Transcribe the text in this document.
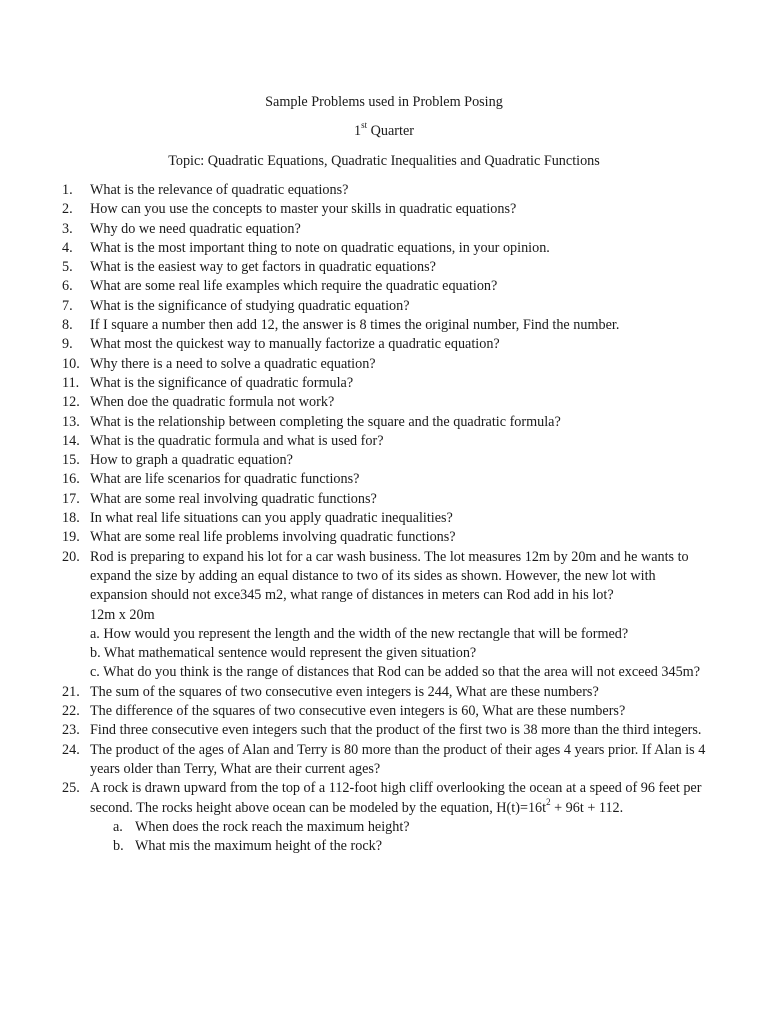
Sample Problems used in Problem Posing
1st Quarter
Topic: Quadratic Equations, Quadratic Inequalities and Quadratic Functions
1.	What is the relevance of quadratic equations?
2.	How can you use the concepts to master your skills in quadratic equations?
3.	Why do we need quadratic equation?
4.	What is the most important thing to note on quadratic equations, in your opinion.
5.	What is the easiest way to get factors in quadratic equations?
6.	What are some real life examples which require the quadratic equation?
7.	What is the significance of studying quadratic equation?
8.	If I square a number then add 12, the answer is 8 times the original number, Find the number.
9.	What most the quickest way to manually factorize a quadratic equation?
10. Why there is a need to solve a quadratic equation?
11. What is the significance of quadratic formula?
12. When doe the quadratic formula not work?
13. What is the relationship between completing the square and the quadratic formula?
14. What is the quadratic formula and what is used for?
15. How to graph a quadratic equation?
16. What are life scenarios for quadratic functions?
17. What are some real involving quadratic functions?
18. In what real life situations can you apply quadratic inequalities?
19. What are some real life problems involving quadratic functions?
20. Rod is preparing to expand his lot for a car wash business. The lot measures 12m by 20m and he wants to expand the size by adding an equal distance to two of its sides as shown. However, the new lot with expansion should not exce345 m2, what range of distances in meters can Rod add in his lot?
12m x 20m
a. How would you represent the length and the width of the new rectangle that will be formed?
b. What mathematical sentence would represent the given situation?
c. What do you think is the range of distances that Rod can be added so that the area will not exceed 345m?
21. The sum of the squares of two consecutive even integers is 244, What are these numbers?
22. The difference of the squares of two consecutive even integers is 60, What are these numbers?
23. Find three consecutive even integers such that the product of the first two is 38 more than the third integers.
24. The product of the ages of Alan and Terry is 80 more than the product of their ages 4 years prior. If Alan is 4 years older than Terry, What are their current ages?
25. A rock is drawn upward from the top of a 112-foot high cliff overlooking the ocean at a speed of 96 feet per second. The rocks height above ocean can be modeled by the equation, $H(t)=16t^2 + 96t + 112$.
a. When does the rock reach the maximum height?
b. What mis the maximum height of the rock?
